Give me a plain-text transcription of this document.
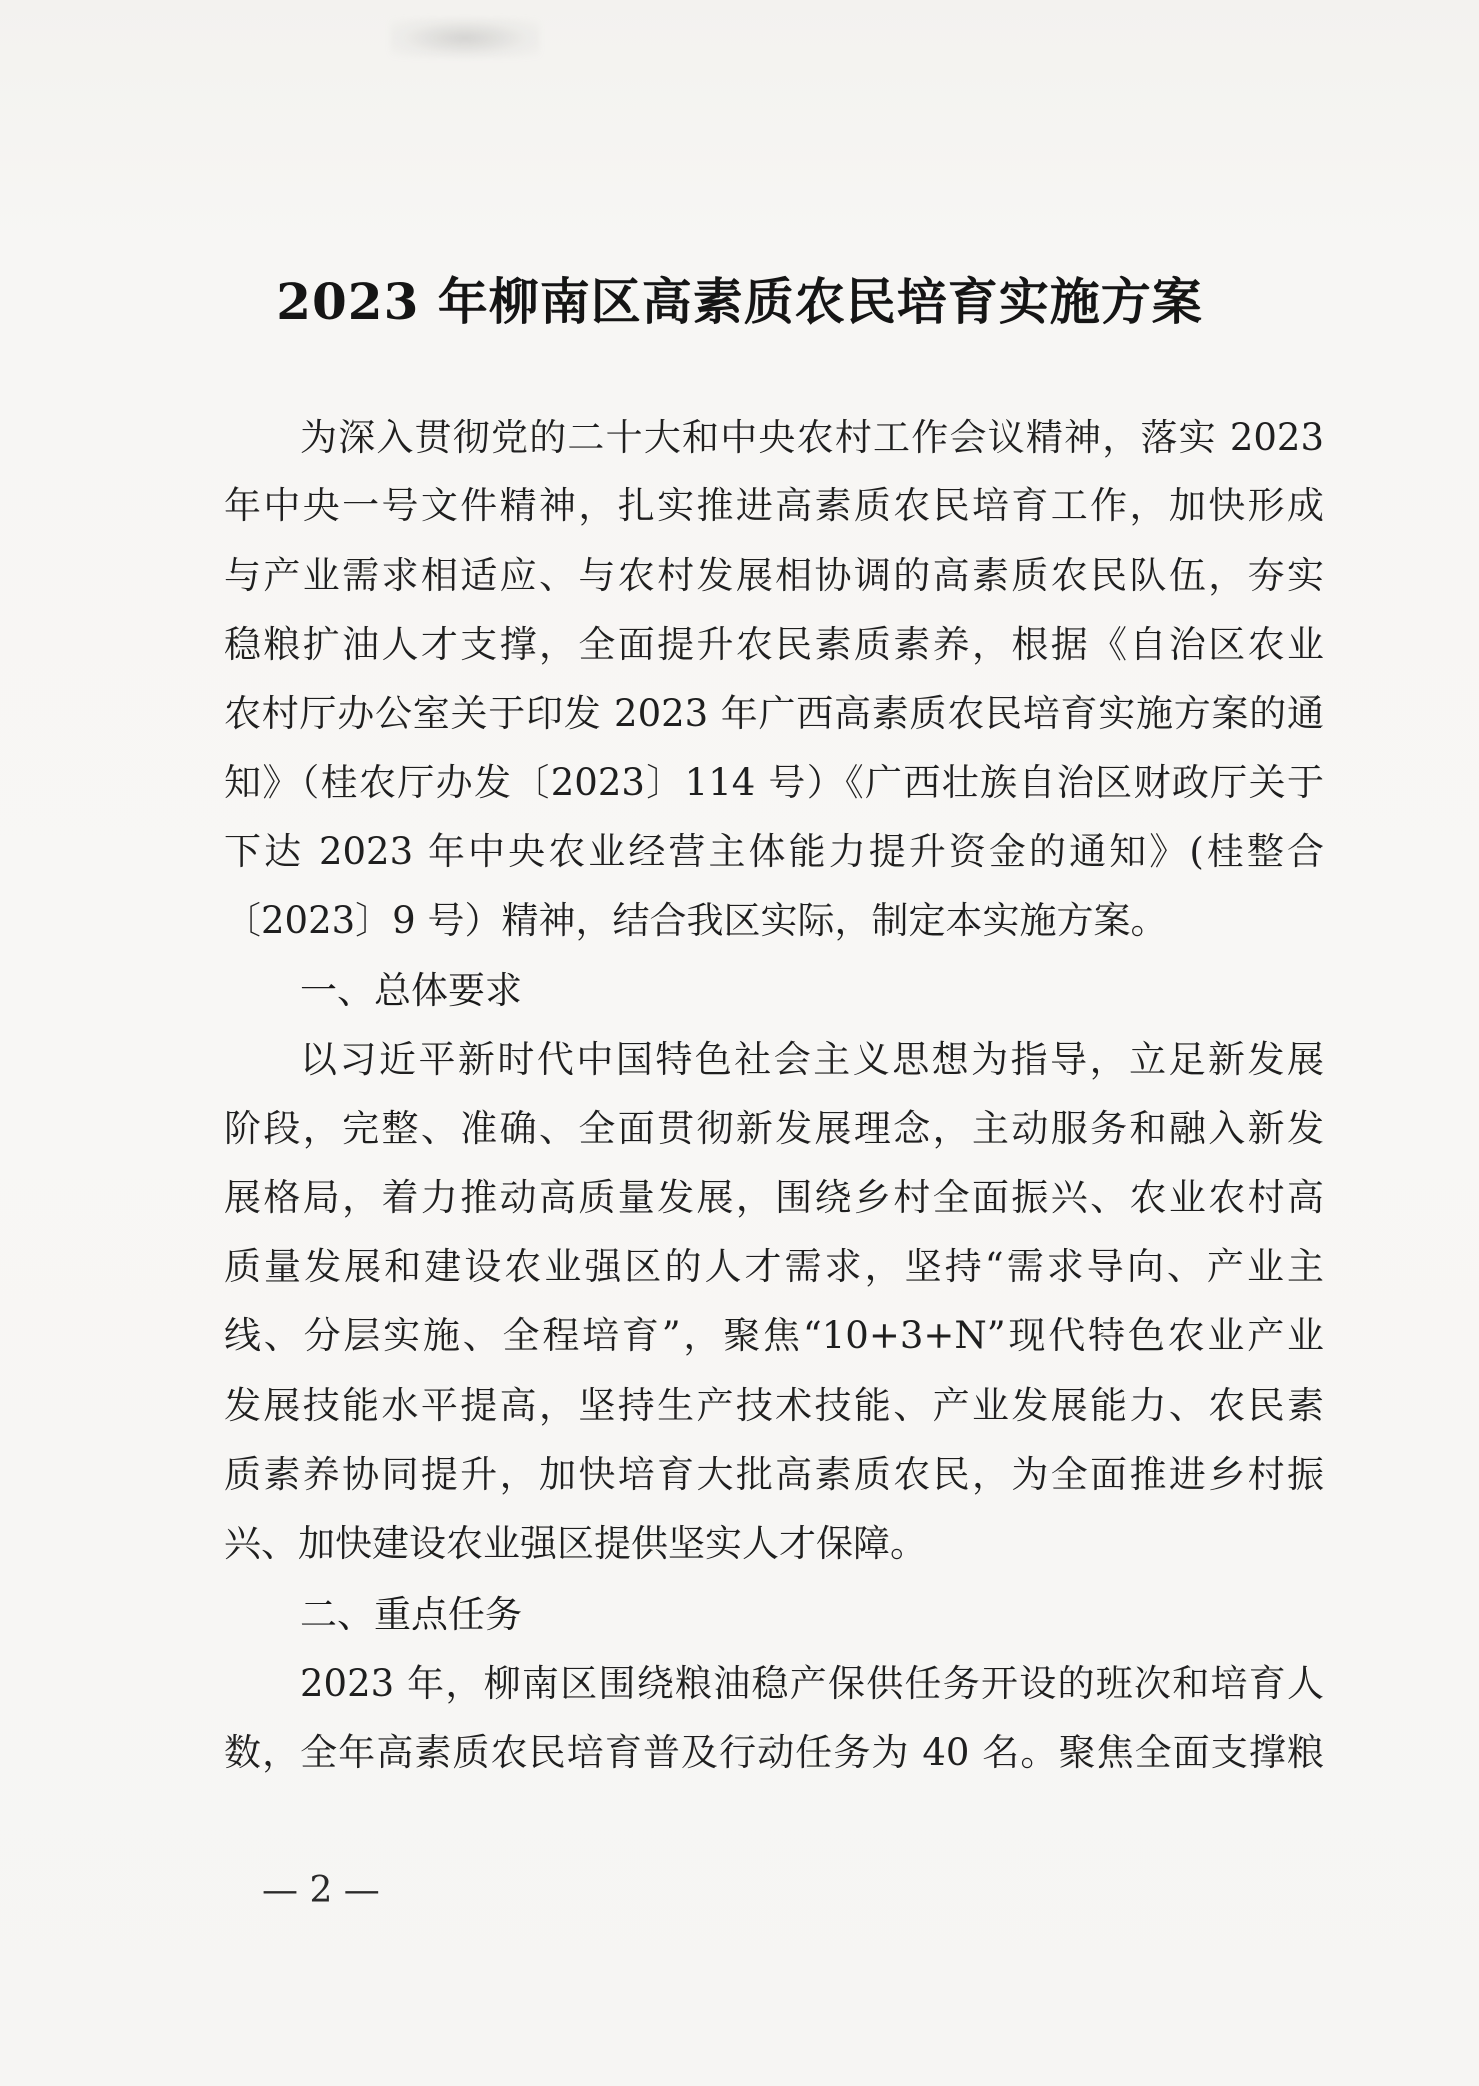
2023 年柳南区高素质农民培育实施方案
为深入贯彻党的二十大和中央农村工作会议精神，落实 2023
年中央一号文件精神，扎实推进高素质农民培育工作，加快形成
与产业需求相适应、与农村发展相协调的高素质农民队伍，夯实
稳粮扩油人才支撑，全面提升农民素质素养，根据《自治区农业
农村厅办公室关于印发 2023 年广西高素质农民培育实施方案的通
知》（桂农厅办发〔2023〕114 号）《广西壮族自治区财政厅关于
下达 2023 年中央农业经营主体能力提升资金的通知》(桂整合
〔2023〕9 号）精神，结合我区实际，制定本实施方案。
一、总体要求
以习近平新时代中国特色社会主义思想为指导，立足新发展
阶段，完整、准确、全面贯彻新发展理念，主动服务和融入新发
展格局，着力推动高质量发展，围绕乡村全面振兴、农业农村高
质量发展和建设农业强区的人才需求，坚持“需求导向、产业主
线、分层实施、全程培育”，聚焦“10+3+N”现代特色农业产业
发展技能水平提高，坚持生产技术技能、产业发展能力、农民素
质素养协同提升，加快培育大批高素质农民，为全面推进乡村振
兴、加快建设农业强区提供坚实人才保障。
二、重点任务
2023 年，柳南区围绕粮油稳产保供任务开设的班次和培育人
数，全年高素质农民培育普及行动任务为 40 名。聚焦全面支撑粮
— 2 —
